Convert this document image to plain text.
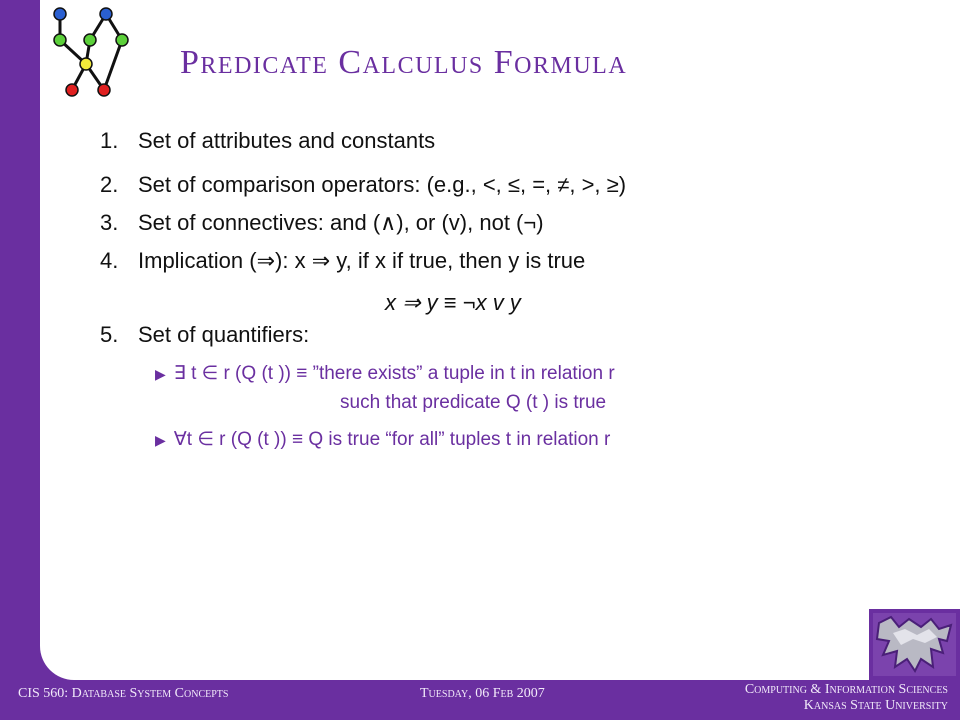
Predicate Calculus Formula
1. Set of attributes and constants
2. Set of comparison operators: (e.g., <, ≤, =, ≠, >, ≥)
3. Set of connectives: and (∧), or (v), not (¬)
4. Implication (⇒): x ⇒ y, if x if true, then y is true
x ⇒ y ≡ ¬x v y
5. Set of quantifiers:
▶ ∃ t ∈ r (Q (t )) ≡ ”there exists” a tuple in t in relation r
such that predicate Q (t ) is true
▶ ∀t ∈ r (Q (t )) ≡ Q is true “for all” tuples t in relation r
CIS 560: Database System Concepts	Tuesday, 06 Feb 2007	Computing & Information Sciences
Kansas State University
